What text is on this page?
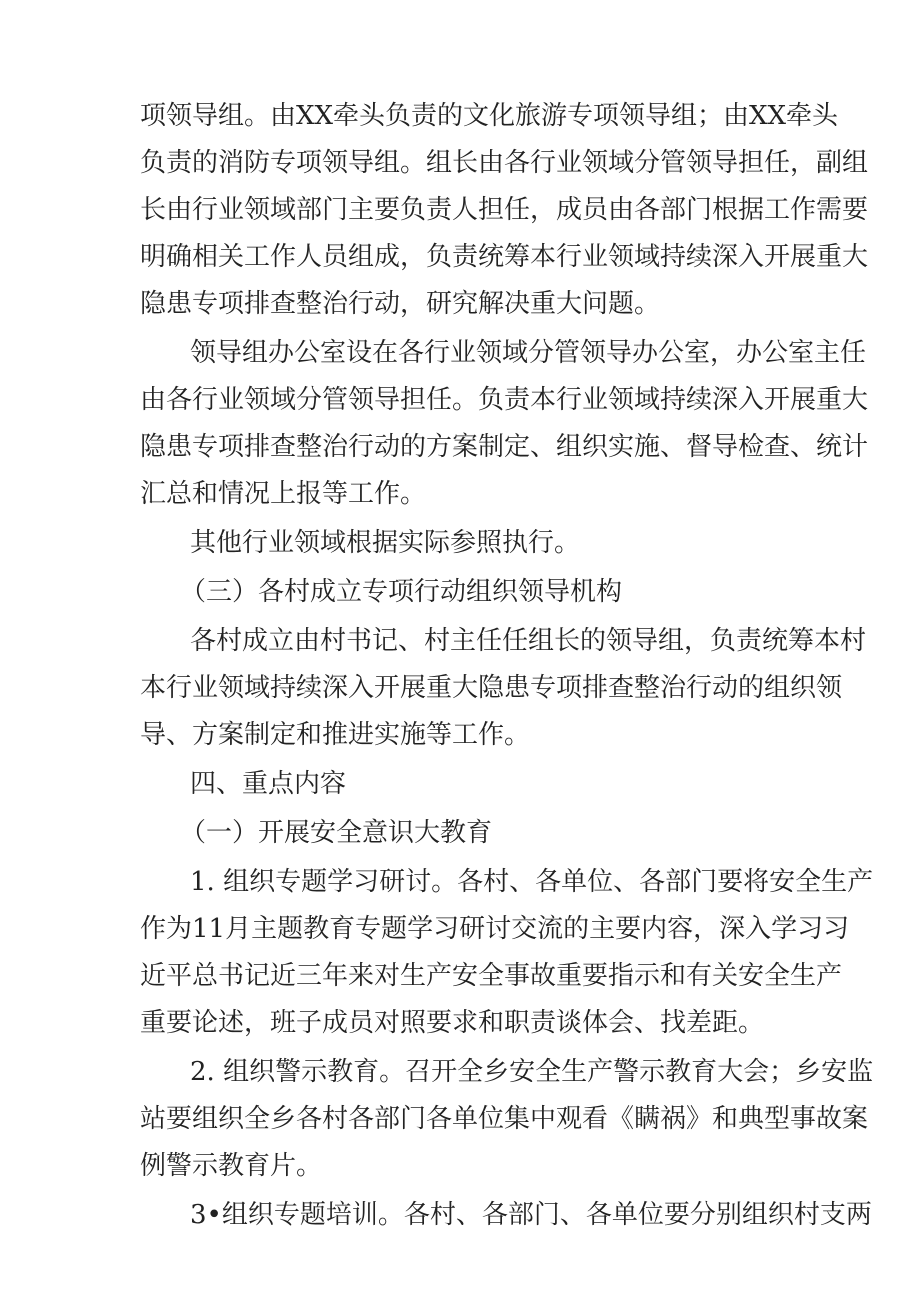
项领导组。由XX牵头负责的文化旅游专项领导组；由XX牵头
负责的消防专项领导组。组长由各行业领域分管领导担任，副组
长由行业领域部门主要负责人担任，成员由各部门根据工作需要
明确相关工作人员组成，负责统筹本行业领域持续深入开展重大
隐患专项排查整治行动，研究解决重大问题。
领导组办公室设在各行业领域分管领导办公室，办公室主任
由各行业领域分管领导担任。负责本行业领域持续深入开展重大
隐患专项排查整治行动的方案制定、组织实施、督导检查、统计
汇总和情况上报等工作。
其他行业领域根据实际参照执行。
（三）各村成立专项行动组织领导机构
各村成立由村书记、村主任任组长的领导组，负责统筹本村
本行业领域持续深入开展重大隐患专项排查整治行动的组织领
导、方案制定和推进实施等工作。
四、重点内容
（一）开展安全意识大教育
1. 组织专题学习研讨。各村、各单位、各部门要将安全生产
作为11月主题教育专题学习研讨交流的主要内容，深入学习习
近平总书记近三年来对生产安全事故重要指示和有关安全生产
重要论述，班子成员对照要求和职责谈体会、找差距。
2. 组织警示教育。召开全乡安全生产警示教育大会；乡安监
站要组织全乡各村各部门各单位集中观看《瞒祸》和典型事故案
例警示教育片。
3•组织专题培训。各村、各部门、各单位要分别组织村支两
